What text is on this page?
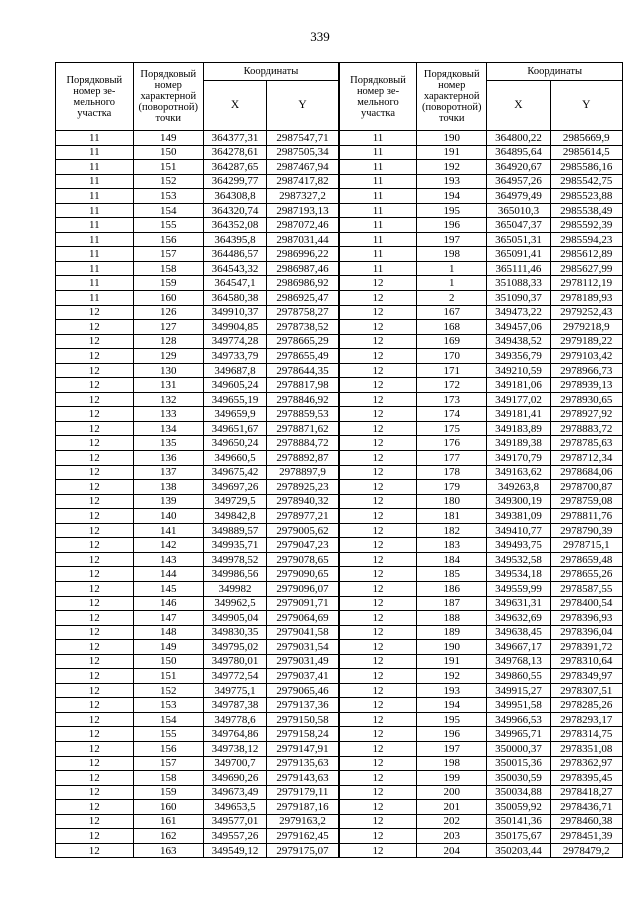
339
Порядковый номер зе-мельного участка	Порядковый номер характерной (поворотной) точки	Координаты		Порядковый номер зе-мельного участка	Порядковый номер характерной (поворотной) точки	Координаты	
		X	Y			X	Y
11	149	364377,31	2987547,71	11	190	364800,22	2985669,9
11	150	364278,61	2987505,34	11	191	364895,64	2985614,5
11	151	364287,65	2987467,94	11	192	364920,67	2985586,16
11	152	364299,77	2987417,82	11	193	364957,26	2985542,75
11	153	364308,8	2987327,2	11	194	364979,49	2985523,88
11	154	364320,74	2987193,13	11	195	365010,3	2985538,49
11	155	364352,08	2987072,46	11	196	365047,37	2985592,39
11	156	364395,8	2987031,44	11	197	365051,31	2985594,23
11	157	364486,57	2986996,22	11	198	365091,41	2985612,89
11	158	364543,32	2986987,46	11	1	365111,46	2985627,99
11	159	364547,1	2986986,92	12	1	351088,33	2978112,19
11	160	364580,38	2986925,47	12	2	351090,37	2978189,93
12	126	349910,37	2978758,27	12	167	349473,22	2979252,43
12	127	349904,85	2978738,52	12	168	349457,06	2979218,9
12	128	349774,28	2978665,29	12	169	349438,52	2979189,22
12	129	349733,79	2978655,49	12	170	349356,79	2979103,42
12	130	349687,8	2978644,35	12	171	349210,59	2978966,73
12	131	349605,24	2978817,98	12	172	349181,06	2978939,13
12	132	349655,19	2978846,92	12	173	349177,02	2978930,65
12	133	349659,9	2978859,53	12	174	349181,41	2978927,92
12	134	349651,67	2978871,62	12	175	349183,89	2978883,72
12	135	349650,24	2978884,72	12	176	349189,38	2978785,63
12	136	349660,5	2978892,87	12	177	349170,79	2978712,34
12	137	349675,42	2978897,9	12	178	349163,62	2978684,06
12	138	349697,26	2978925,23	12	179	349263,8	2978700,87
12	139	349729,5	2978940,32	12	180	349300,19	2978759,08
12	140	349842,8	2978977,21	12	181	349381,09	2978811,76
12	141	349889,57	2979005,62	12	182	349410,77	2978790,39
12	142	349935,71	2979047,23	12	183	349493,75	2978715,1
12	143	349978,52	2979078,65	12	184	349532,58	2978659,48
12	144	349986,56	2979090,65	12	185	349534,18	2978655,26
12	145	349982	2979096,07	12	186	349559,99	2978587,55
12	146	349962,5	2979091,71	12	187	349631,31	2978400,54
12	147	349905,04	2979064,69	12	188	349632,69	2978396,93
12	148	349830,35	2979041,58	12	189	349638,45	2978396,04
12	149	349795,02	2979031,54	12	190	349667,17	2978391,72
12	150	349780,01	2979031,49	12	191	349768,13	2978310,64
12	151	349772,54	2979037,41	12	192	349860,55	2978349,97
12	152	349775,1	2979065,46	12	193	349915,27	2978307,51
12	153	349787,38	2979137,36	12	194	349951,58	2978285,26
12	154	349778,6	2979150,58	12	195	349966,53	2978293,17
12	155	349764,86	2979158,24	12	196	349965,71	2978314,75
12	156	349738,12	2979147,91	12	197	350000,37	2978351,08
12	157	349700,7	2979135,63	12	198	350015,36	2978362,97
12	158	349690,26	2979143,63	12	199	350030,59	2978395,45
12	159	349673,49	2979179,11	12	200	350034,88	2978418,27
12	160	349653,5	2979187,16	12	201	350059,92	2978436,71
12	161	349577,01	2979163,2	12	202	350141,36	2978460,38
12	162	349557,26	2979162,45	12	203	350175,67	2978451,39
12	163	349549,12	2979175,07	12	204	350203,44	2978479,2
